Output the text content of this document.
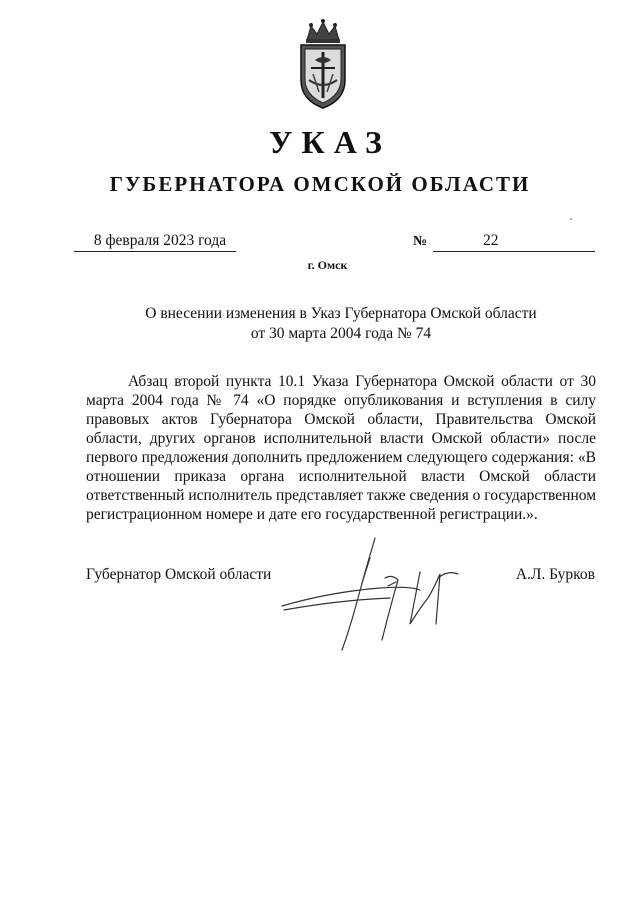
УКАЗ
ГУБЕРНАТОРА ОМСКОЙ ОБЛАСТИ
8 февраля 2023 года	№	22
г. Омск
О внесении изменения в Указ Губернатора Омской области
от 30 марта 2004 года № 74

Абзац второй пункта 10.1 Указа Губернатора Омской области от 30 марта 2004 года № 74 «О порядке опубликования и вступления в силу правовых актов Губернатора Омской области, Правительства Омской области, других органов исполнительной власти Омской области» после первого предложения дополнить предложением следующего содержания: «В отношении приказа органа исполнительной власти Омской области ответственный исполнитель представляет также сведения о государственном регистрационном номере и дате его государственной регистрации.».

Губернатор Омской области	А.Л. Бурков
